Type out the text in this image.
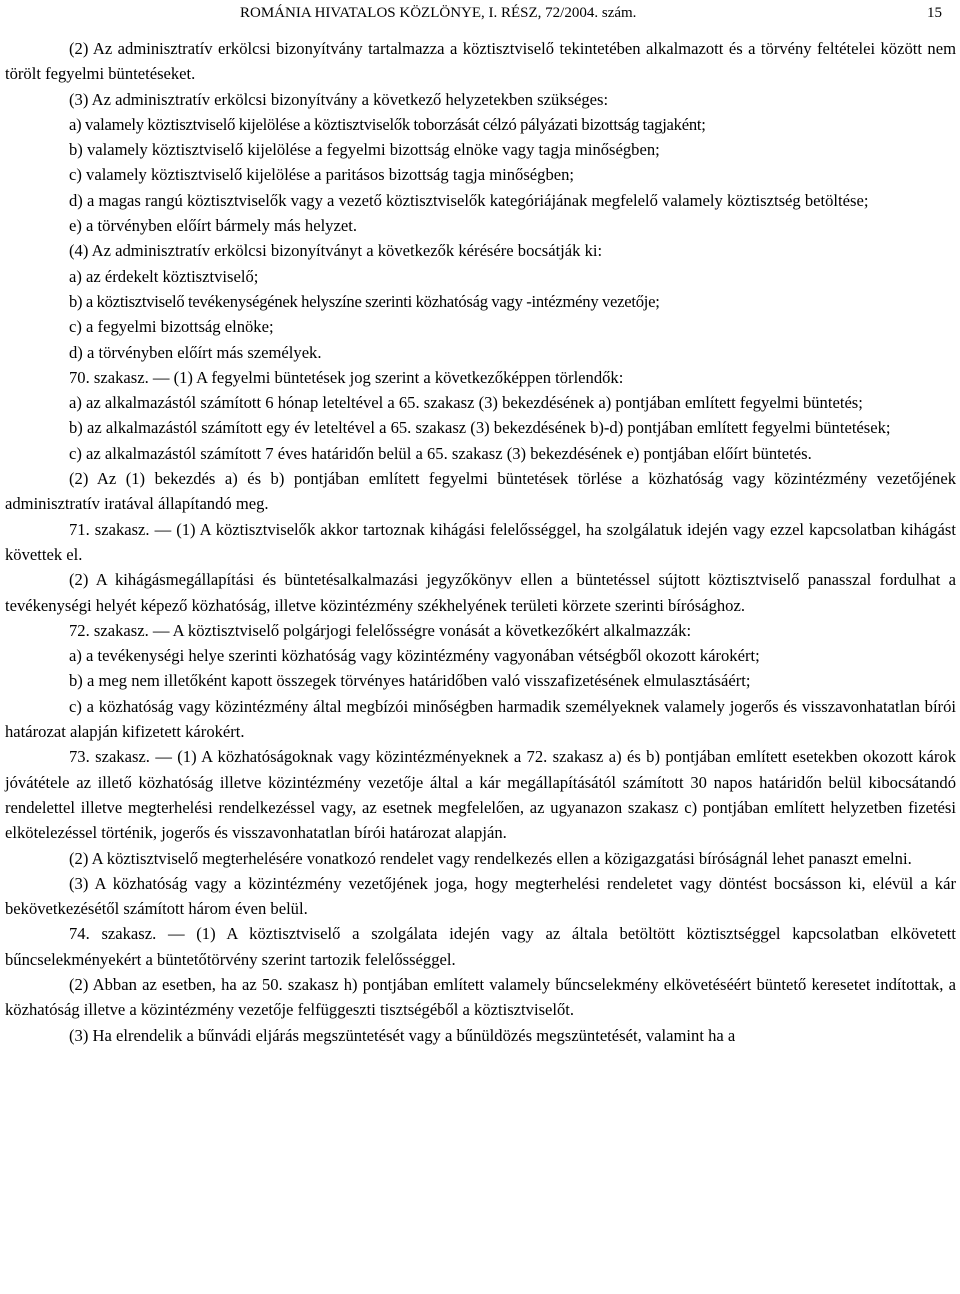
ROMÁNIA HIVATALOS KÖZLÖNYE, I. RÉSZ, 72/2004. szám.	15

(2) Az adminisztratív erkölcsi bizonyítvány tartalmazza a köztisztviselő tekintetében alkalmazott és a törvény feltételei között nem törölt fegyelmi büntetéseket.

(3) Az adminisztratív erkölcsi bizonyítvány a következő helyzetekben szükséges:

a) valamely köztisztviselő kijelölése a köztisztviselők toborzását célzó pályázati bizottság tagjaként;

b) valamely köztisztviselő kijelölése a fegyelmi bizottság elnöke vagy tagja minőségben;

c) valamely köztisztviselő kijelölése a paritásos bizottság tagja minőségben;

d) a magas rangú köztisztviselők vagy a vezető köztisztviselők kategóriájának megfelelő valamely köztisztség betöltése;

e) a törvényben előírt bármely más helyzet.

(4) Az adminisztratív erkölcsi bizonyítványt a következők kérésére bocsátják ki:

a) az érdekelt köztisztviselő;

b) a köztisztviselő tevékenységének helyszíne szerinti közhatóság vagy -intézmény vezetője;

c) a fegyelmi bizottság elnöke;

d) a törvényben előírt más személyek.

70. szakasz. — (1) A fegyelmi büntetések jog szerint a következőképpen törlendők:

a) az alkalmazástól számított 6 hónap leteltével a 65. szakasz (3) bekezdésének a) pontjában említett fegyelmi büntetés;

b) az alkalmazástól számított egy év leteltével a 65. szakasz (3) bekezdésének b)-d) pontjában említett fegyelmi büntetések;

c) az alkalmazástól számított 7 éves határidőn belül a 65. szakasz (3) bekezdésének e) pontjában előírt büntetés.

(2) Az (1) bekezdés a) és b) pontjában említett fegyelmi büntetések törlése a közhatóság vagy közintézmény vezetőjének adminisztratív iratával állapítandó meg.

71. szakasz. — (1) A köztisztviselők akkor tartoznak kihágási felelősséggel, ha szolgálatuk idején vagy ezzel kapcsolatban kihágást követtek el.

(2) A kihágásmegállapítási és büntetésalkalmazási jegyzőkönyv ellen a büntetéssel sújtott köztisztviselő panasszal fordulhat a tevékenységi helyét képező közhatóság, illetve közintézmény székhelyének területi körzete szerinti bírósághoz.

72. szakasz. — A köztisztviselő polgárjogi felelősségre vonását a következőkért alkalmazzák:

a) a tevékenységi helye szerinti közhatóság vagy közintézmény vagyonában vétségből okozott károkért;

b) a meg nem illetőként kapott összegek törvényes határidőben való visszafizetésének elmulasztásáért;

c) a közhatóság vagy közintézmény által megbízói minőségben harmadik személyeknek valamely jogerős és visszavonhatatlan bírói határozat alapján kifizetett károkért.

73. szakasz. — (1) A közhatóságoknak vagy közintézményeknek a 72. szakasz a) és b) pontjában említett esetekben okozott károk jóvátétele az illető közhatóság illetve közintézmény vezetője által a kár megállapításától számított 30 napos határidőn belül kibocsátandó rendelettel illetve megterhelési rendelkezéssel vagy, az esetnek megfelelően, az ugyanazon szakasz c) pontjában említett helyzetben fizetési elkötelezéssel történik, jogerős és visszavonhatatlan bírói határozat alapján.

(2) A köztisztviselő megterhelésére vonatkozó rendelet vagy rendelkezés ellen a közigazgatási bíróságnál lehet panaszt emelni.

(3) A közhatóság vagy a közintézmény vezetőjének joga, hogy megterhelési rendeletet vagy döntést bocsásson ki, elévül a kár bekövetkezésétől számított három éven belül.

74. szakasz. — (1) A köztisztviselő a szolgálata idején vagy az általa betöltött köztisztséggel kapcsolatban elkövetett bűncselekményekért a büntetőtörvény szerint tartozik felelősséggel.

(2) Abban az esetben, ha az 50. szakasz h) pontjában említett valamely bűncselekmény elkövetéséért büntető keresetet indítottak, a közhatóság illetve a közintézmény vezetője felfüggeszti tisztségéből a köztisztviselőt.

(3) Ha elrendelik a bűnvádi eljárás megszüntetését vagy a bűnüldözés megszüntetését, valamint ha a
